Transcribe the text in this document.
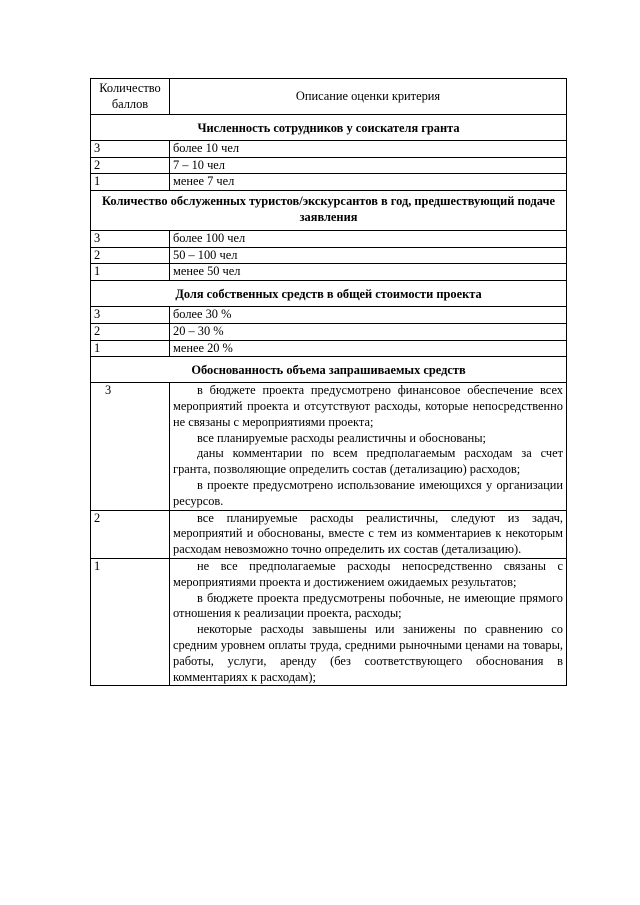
Количество баллов	Описание оценки критерия
Численность сотрудников у соискателя гранта	
3	более 10 чел
2	7 – 10 чел
1	менее 7 чел
Количество обслуженных туристов/экскурсантов в год, предшествующий подаче заявления	
3	более 100 чел
2	50 – 100 чел
1	менее 50 чел
Доля собственных средств в общей стоимости проекта	
3	более 30 %
2	20 – 30 %
1	менее 20 %
Обоснованность объема запрашиваемых средств	
3	в бюджете проекта предусмотрено финансовое обеспечение всех мероприятий проекта и отсутствуют расходы, которые непосредственно не связаны с мероприятиями проекта;

все планируемые расходы реалистичны и обоснованы;

даны комментарии по всем предполагаемым расходам за счет гранта, позволяющие определить состав (детализацию) расходов;

в проекте предусмотрено использование имеющихся у организации ресурсов.

2	все планируемые расходы реалистичны, следуют из задач, мероприятий и обоснованы, вместе с тем из комментариев к некоторым расходам невозможно точно определить их состав (детализацию).

1	не все предполагаемые расходы непосредственно связаны с мероприятиями проекта и достижением ожидаемых результатов;

в бюджете проекта предусмотрены побочные, не имеющие прямого отношения к реализации проекта, расходы;

некоторые расходы завышены или занижены по сравнению со средним уровнем оплаты труда, средними рыночными ценами на товары, работы, услуги, аренду (без соответствующего обоснования в комментариях к расходам);
